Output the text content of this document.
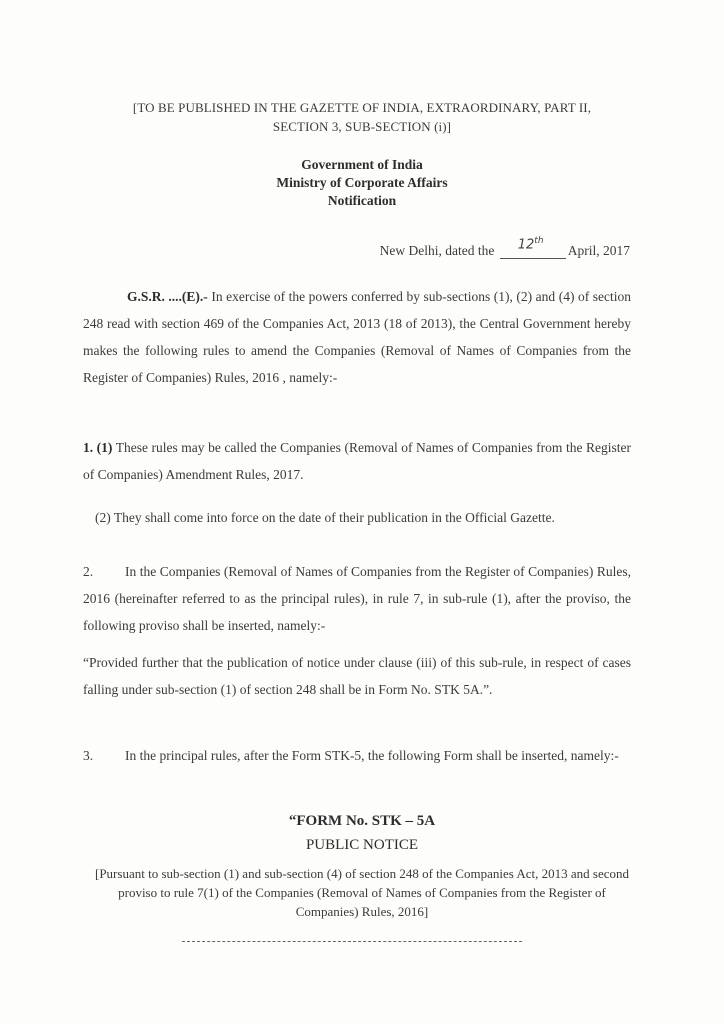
[TO BE PUBLISHED IN THE GAZETTE OF INDIA, EXTRAORDINARY, PART II,
SECTION 3, SUB-SECTION (i)]
Government of India
Ministry of Corporate Affairs
Notification
New Delhi, dated the 12th
April, 2017
G.S.R. ....(E).- In exercise of the powers conferred by sub-sections (1), (2) and (4) of section 248 read with section 469 of the Companies Act, 2013 (18 of 2013), the Central Government hereby makes the following rules to amend the Companies (Removal of Names of Companies from the Register of Companies) Rules, 2016 , namely:-
1. (1) These rules may be called the Companies (Removal of Names of Companies from the Register of Companies) Amendment Rules, 2017.
(2) They shall come into force on the date of their publication in the Official Gazette.
2. In the Companies (Removal of Names of Companies from the Register of Companies) Rules, 2016 (hereinafter referred to as the principal rules), in rule 7, in sub-rule (1), after the proviso, the following proviso shall be inserted, namely:-
“Provided further that the publication of notice under clause (iii) of this sub-rule, in respect of cases falling under sub-section (1) of section 248 shall be in Form No. STK 5A.”.
3. In the principal rules, after the Form STK-5, the following Form shall be inserted, namely:-
“FORM No. STK – 5A
PUBLIC NOTICE
[Pursuant to sub-section (1) and sub-section (4) of section 248 of the Companies Act, 2013 and second proviso to rule 7(1) of the Companies (Removal of Names of Companies from the Register of Companies) Rules, 2016]
